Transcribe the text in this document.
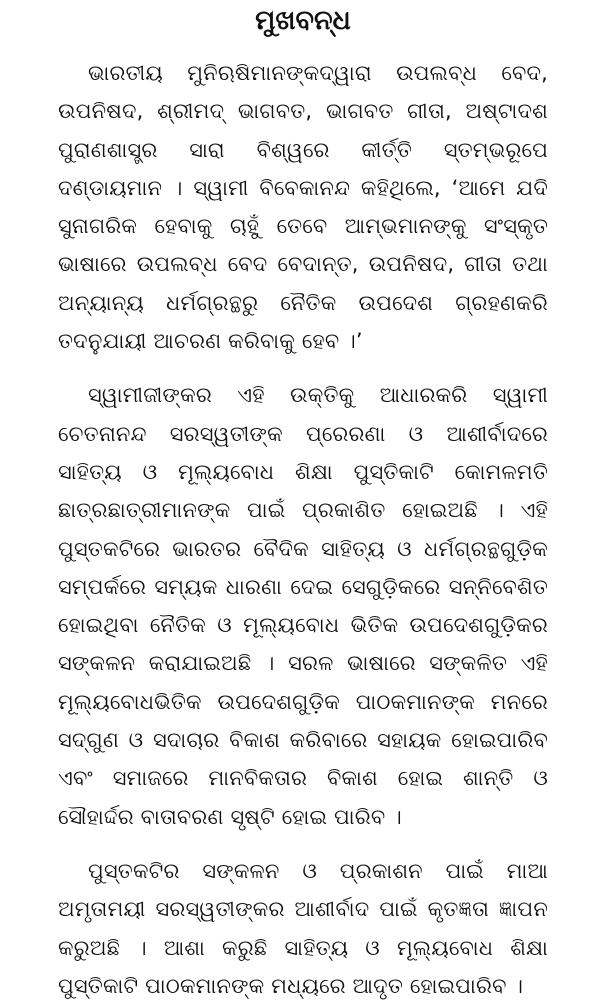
ମୁଖବନ୍ଧ

ଭାରତୀୟ ମୁନିଋଷିମାନଙ୍କଦ୍ୱାରା ଉପଲବ୍ଧ ବେଦ, ଉପନିଷଦ, ଶ୍ରୀମଦ୍ ଭାଗବତ, ଭାଗବତ ଗୀତା, ଅଷ୍ଟାଦଶ ପୁରାଣଶାସ୍ତ୍ର ସାରା ବିଶ୍ୱରେ କୀର୍ତ୍ତି ସ୍ତମ୍ଭରୂପେ ଦଣ୍ଡାୟମାନ । ସ୍ୱାମୀ ବିବେକାନନ୍ଦ କହିଥିଲେ, ‘ଆମେ ଯଦି ସୁନାଗରିକ ହେବାକୁ ଚାହୁଁ ତେବେ ଆମ୍ଭମାନଙ୍କୁ ସଂସ୍କୃତ ଭାଷାରେ ଉପଲବ୍ଧ ବେଦ ବେଦାନ୍ତ, ଉପନିଷଦ, ଗୀତା ତଥା ଅନ୍ୟାନ୍ୟ ଧର୍ମଗ୍ରନ୍ଥରୁ ନୈତିକ ଉପଦେଶ ଗ୍ରହଣକରି ତଦନୁଯାୟୀ ଆଚରଣ କରିବାକୁ ହେବ ।’

ସ୍ୱାମୀଜୀଙ୍କର ଏହି ଉକ୍ତିକୁ ଆଧାରକରି ସ୍ୱାମୀ ଚେତନାନନ୍ଦ ସରସ୍ୱତୀଙ୍କ ପ୍ରେରଣା ଓ ଆଶୀର୍ବାଦରେ ସାହିତ୍ୟ ଓ ମୂଲ୍ୟବୋଧ ଶିକ୍ଷା ପୁସ୍ତିକାଟି କୋମଳମତି ଛାତ୍ରଛାତ୍ରୀମାନଙ୍କ ପାଇଁ ପ୍ରକାଶିତ ହୋଇଅଛି । ଏହି ପୁସ୍ତକଟିରେ ଭାରତର ବୈଦିକ ସାହିତ୍ୟ ଓ ଧର୍ମଗ୍ରନ୍ଥଗୁଡ଼ିକ ସମ୍ପର୍କରେ ସମ୍ୟକ ଧାରଣା ଦେଇ ସେଗୁଡ଼ିକରେ ସନ୍ନିବେଶିତ ହୋଇଥିବା ନୈତିକ ଓ ମୂଲ୍ୟବୋଧ ଭିତିକ ଉପଦେଶଗୁଡ଼ିକର ସଙ୍କଳନ କରାଯାଇଅଛି । ସରଳ ଭାଷାରେ ସଙ୍କଳିତ ଏହି ମୂଲ୍ୟବୋଧଭିତିକ ଉପଦେଶଗୁଡ଼ିକ ପାଠକମାନଙ୍କ ମନରେ ସଦ୍‌ଗୁଣ ଓ ସଦାଚାର ବିକାଶ କରିବାରେ ସହାୟକ ହୋଇପାରିବ ଏବଂ ସମାଜରେ ମାନବିକତାର ବିକାଶ ହୋଇ ଶାନ୍ତି ଓ ସୌହାର୍ଦ୍ଦର ବାତାବରଣ ସୃଷ୍ଟି ହୋଇ ପାରିବ ।

ପୁସ୍ତକଟିର ସଙ୍କଳନ ଓ ପ୍ରକାଶନ ପାଇଁ ମାଆ ଅମୃତାମୟୀ ସରସ୍ୱତୀଙ୍କର ଆଶୀର୍ବାଦ ପାଇଁ କୃତଜ୍ଞତା ଜ୍ଞାପନ କରୁଅଛି । ଆଶା କରୁଛି ସାହିତ୍ୟ ଓ ମୂଲ୍ୟବୋଧ ଶିକ୍ଷା ପୁସ୍ତିକାଟି ପାଠକମାନଙ୍କ ମଧ୍ୟରେ ଆଦୃତ ହୋଇପାରିବ ।
